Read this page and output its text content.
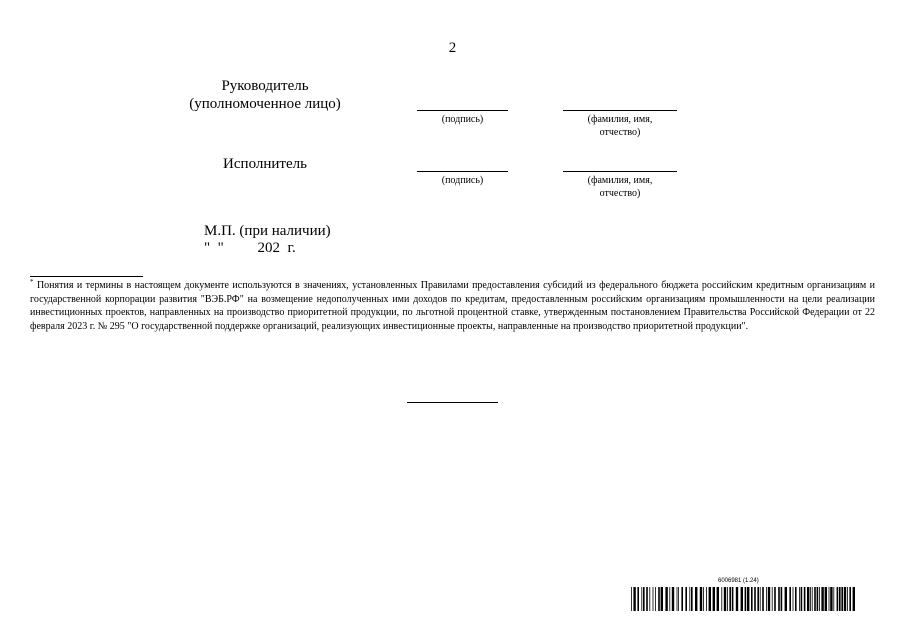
2
Руководитель
(уполномоченное лицо)
(подпись)	(фамилия, имя,
отчество)
Исполнитель
(подпись)	(фамилия, имя,
отчество)
М.П. (при наличии)
"  "         202  г.
* Понятия и термины в настоящем документе используются в значениях, установленных Правилами предоставления субсидий из федерального бюджета российским кредитным организациям и государственной корпорации развития "ВЭБ.РФ" на возмещение недополученных ими доходов по кредитам, предоставленным российским организациям промышленности на цели реализации инвестиционных проектов, направленных на производство приоритетной продукции, по льготной процентной ставке, утвержденным постановлением Правительства Российской Федерации от 22 февраля 2023 г. № 295 "О государственной поддержке организаций, реализующих инвестиционные проекты, направленные на производство приоритетной продукции".
6006981 (1.24)
